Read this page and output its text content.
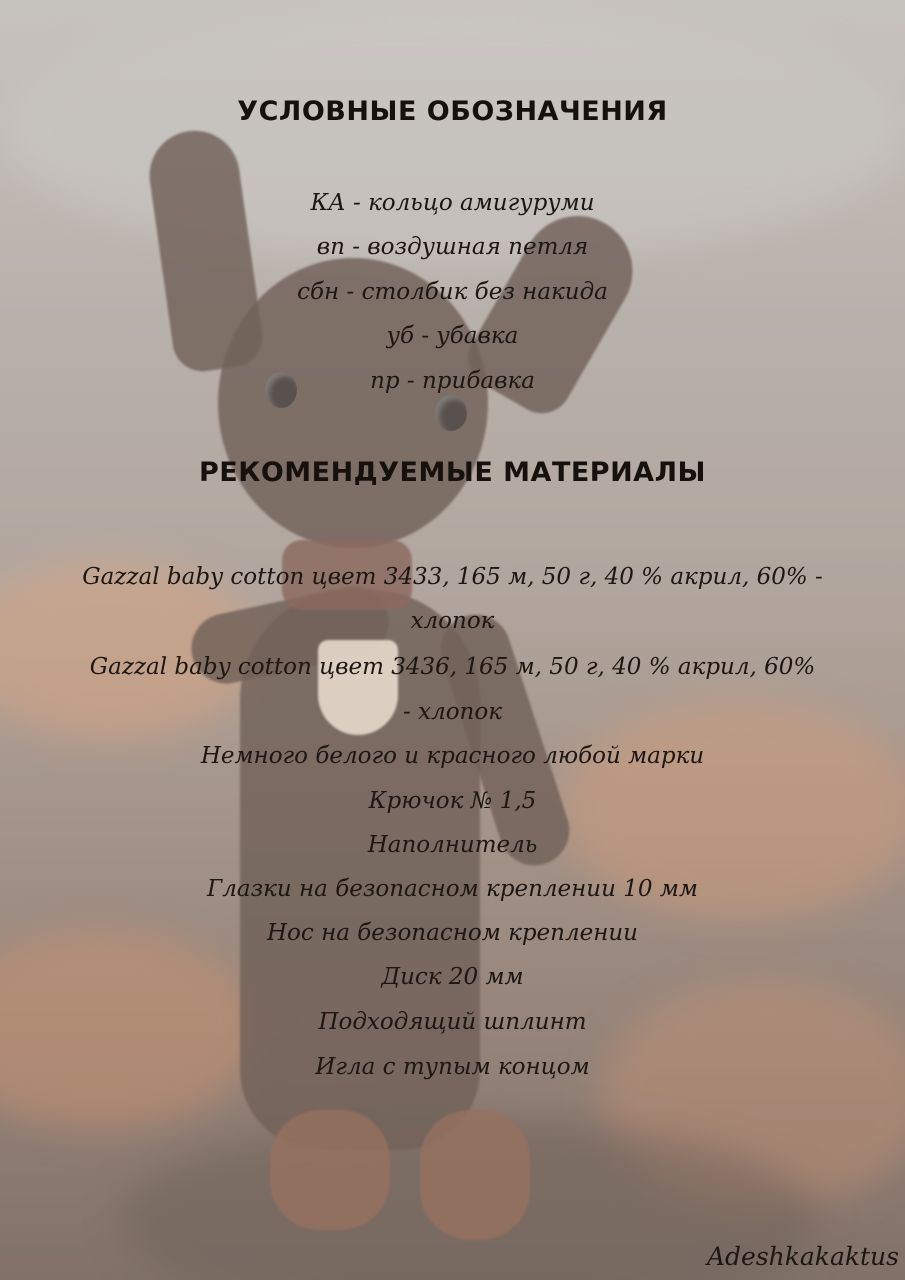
УСЛОВНЫЕ ОБОЗНАЧЕНИЯ
КА - кольцо амигуруми
вп - воздушная петля
сбн - столбик без накида
уб - убавка
пр - прибавка
РЕКОМЕНДУЕМЫЕ МАТЕРИАЛЫ
Gazzal baby cotton цвет 3433, 165 м, 50 г, 40 % акрил, 60% -
хлопок
Gazzal baby cotton цвет 3436, 165 м, 50 г, 40 % акрил, 60%
- хлопок
Немного белого и красного любой марки
Крючок № 1,5
Наполнитель
Глазки на безопасном креплении 10 мм
Нос на безопасном креплении
Диск 20 мм
Подходящий шплинт
Игла с тупым концом
Adeshkakaktus
